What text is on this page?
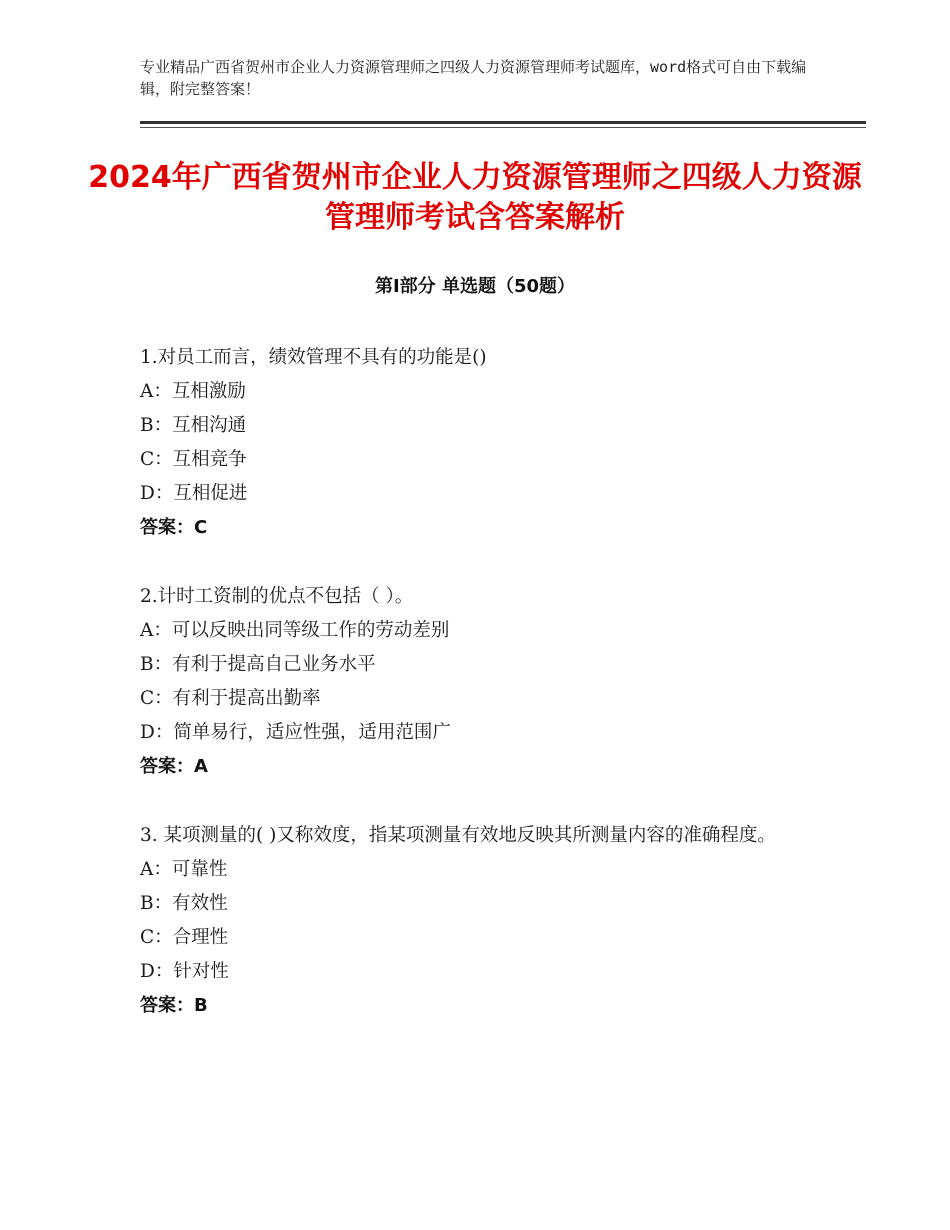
专业精品广西省贺州市企业人力资源管理师之四级人力资源管理师考试题库，word格式可自由下载编辑，附完整答案！
2024年广西省贺州市企业人力资源管理师之四级人力资源管理师考试含答案解析
第Ⅰ部分 单选题（50题）
1.对员工而言，绩效管理不具有的功能是()
A：互相激励
B：互相沟通
C：互相竞争
D：互相促进
答案：C
2.计时工资制的优点不包括（ ）。
A：可以反映出同等级工作的劳动差别
B：有利于提高自己业务水平
C：有利于提高出勤率
D：简单易行，适应性强，适用范围广
答案：A
3. 某项测量的( )又称效度，指某项测量有效地反映其所测量内容的准确程度。
A：可靠性
B：有效性
C：合理性
D：针对性
答案：B
